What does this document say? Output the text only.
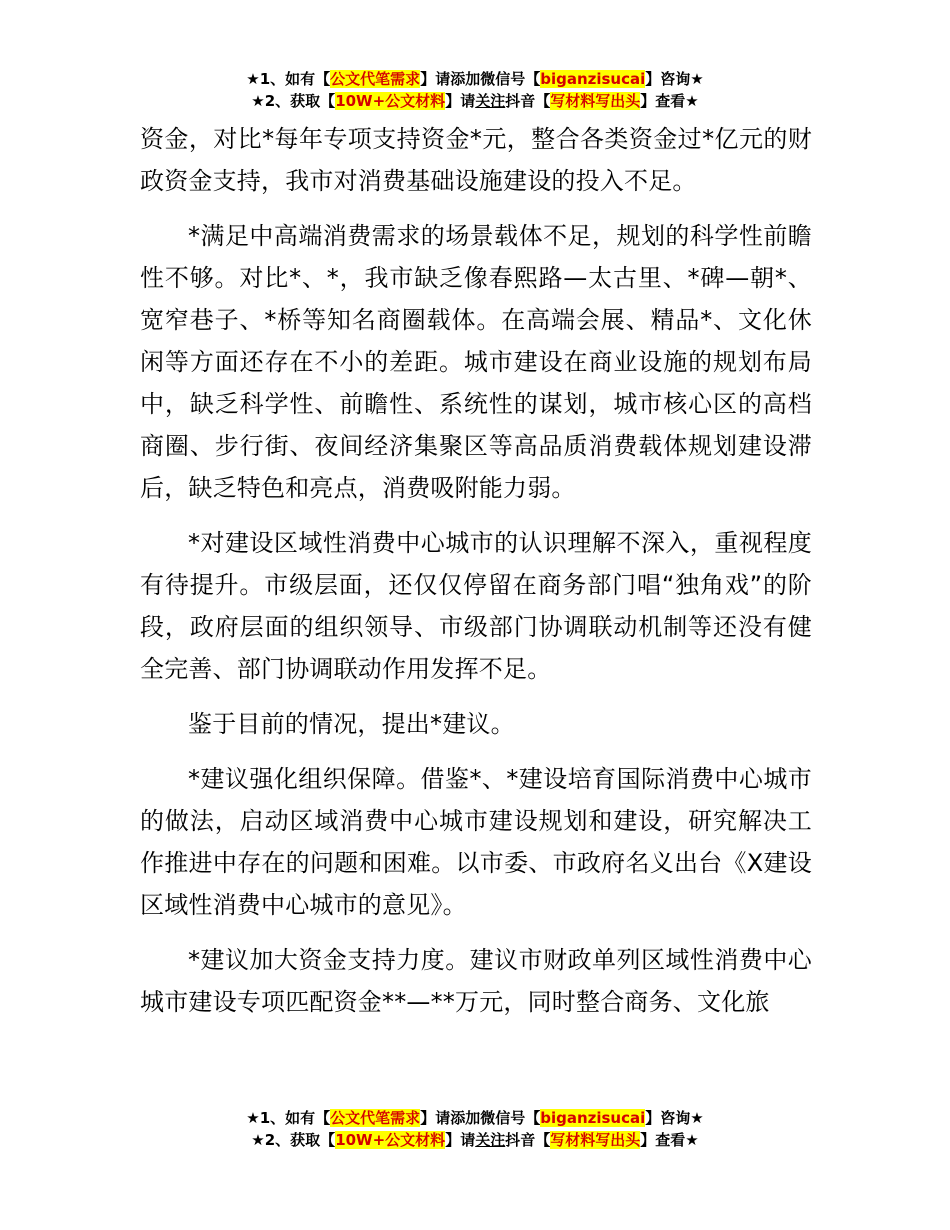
★1、如有【公文代笔需求】请添加微信号【biganzisucai】咨询★
★2、获取【10W+公文材料】请关注抖音【写材料写出头】查看★

资金，对比*每年专项支持资金*元，整合各类资金过*亿元的财政资金支持，我市对消费基础设施建设的投入不足。

*满足中高端消费需求的场景载体不足，规划的科学性前瞻性不够。对比*、*，我市缺乏像春熙路—太古里、*碑—朝*、宽窄巷子、*桥等知名商圈载体。在高端会展、精品*、文化休闲等方面还存在不小的差距。城市建设在商业设施的规划布局中，缺乏科学性、前瞻性、系统性的谋划，城市核心区的高档商圈、步行街、夜间经济集聚区等高品质消费载体规划建设滞后，缺乏特色和亮点，消费吸附能力弱。

*对建设区域性消费中心城市的认识理解不深入，重视程度有待提升。市级层面，还仅仅停留在商务部门唱“独角戏”的阶段，政府层面的组织领导、市级部门协调联动机制等还没有健全完善、部门协调联动作用发挥不足。

鉴于目前的情况，提出*建议。

*建议强化组织保障。借鉴*、*建设培育国际消费中心城市的做法，启动区域消费中心城市建设规划和建设，研究解决工作推进中存在的问题和困难。以市委、市政府名义出台《X建设区域性消费中心城市的意见》。

*建议加大资金支持力度。建议市财政单列区域性消费中心城市建设专项匹配资金**—**万元，同时整合商务、文化旅

★1、如有【公文代笔需求】请添加微信号【biganzisucai】咨询★
★2、获取【10W+公文材料】请关注抖音【写材料写出头】查看★
